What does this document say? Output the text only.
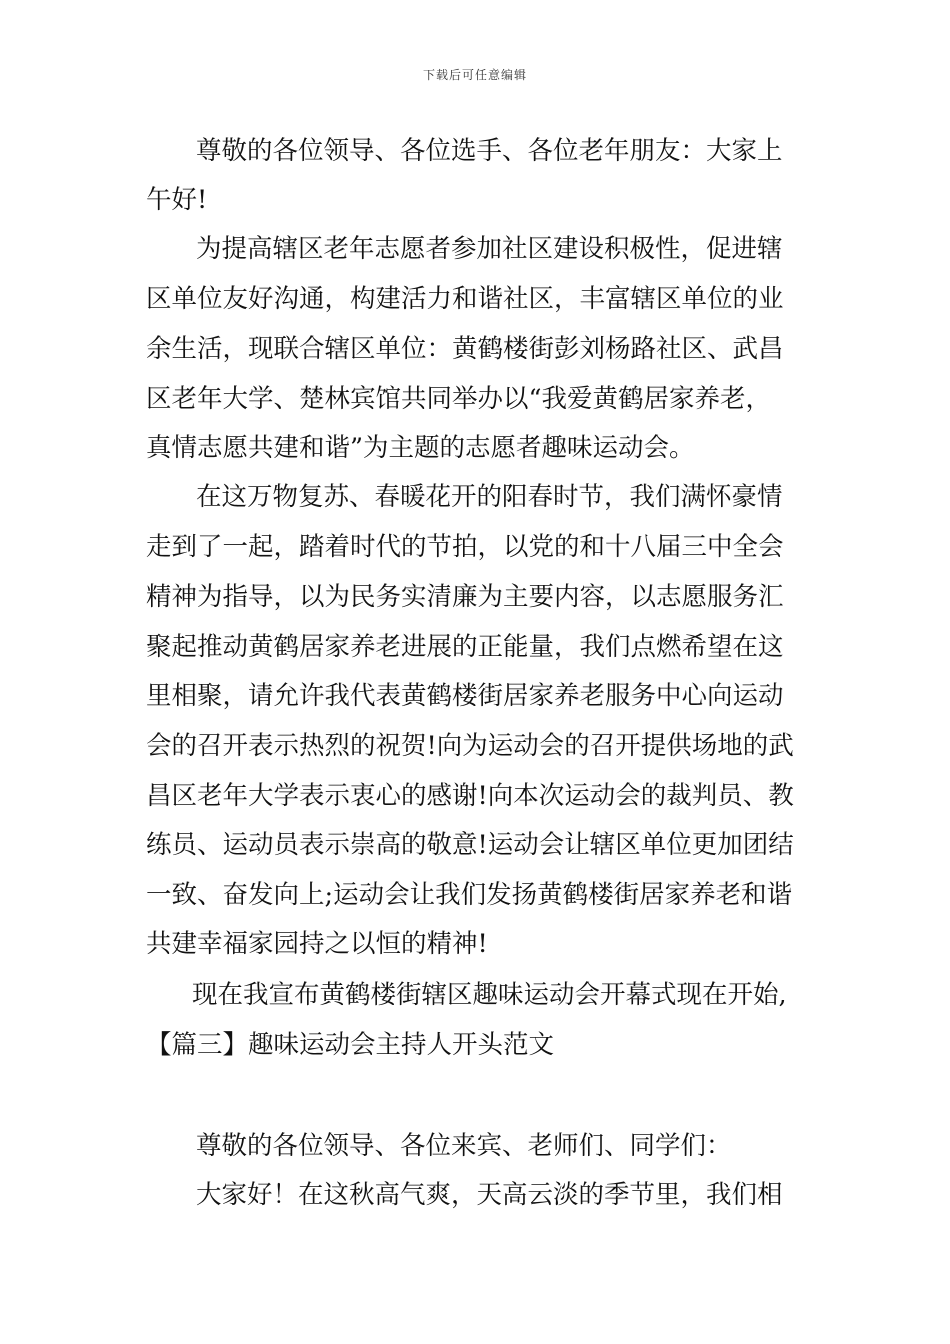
下载后可任意编辑
尊敬的各位领导、各位选手、各位老年朋友：大家上
午好!
为提高辖区老年志愿者参加社区建设积极性，促进辖
区单位友好沟通，构建活力和谐社区，丰富辖区单位的业
余生活，现联合辖区单位：黄鹤楼街彭刘杨路社区、武昌
区老年大学、楚林宾馆共同举办以“我爱黄鹤居家养老，
真情志愿共建和谐”为主题的志愿者趣味运动会。
在这万物复苏、春暖花开的阳春时节，我们满怀豪情
走到了一起，踏着时代的节拍，以党的和十八届三中全会
精神为指导，以为民务实清廉为主要内容，以志愿服务汇
聚起推动黄鹤居家养老进展的正能量，我们点燃希望在这
里相聚，请允许我代表黄鹤楼街居家养老服务中心向运动
会的召开表示热烈的祝贺!向为运动会的召开提供场地的武
昌区老年大学表示衷心的感谢!向本次运动会的裁判员、教
练员、运动员表示崇高的敬意!运动会让辖区单位更加团结
一致、奋发向上;运动会让我们发扬黄鹤楼街居家养老和谐
共建幸福家园持之以恒的精神!
现在我宣布黄鹤楼街辖区趣味运动会开幕式现在开始,
【篇三】趣味运动会主持人开头范文
尊敬的各位领导、各位来宾、老师们、同学们：
大家好！在这秋高气爽，天高云淡的季节里，我们相
